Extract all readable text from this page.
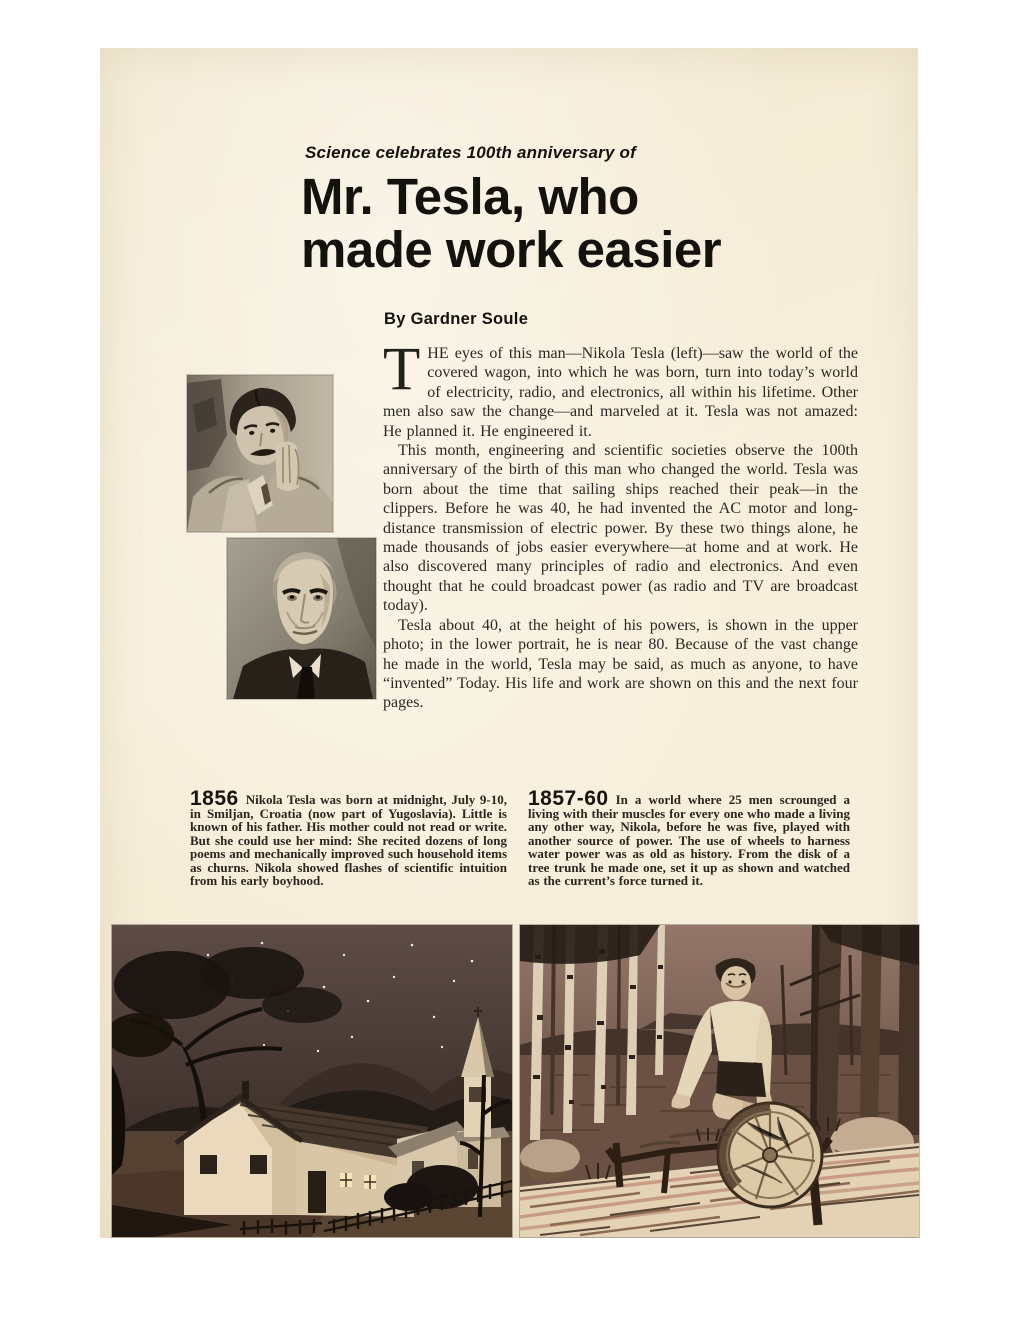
Science celebrates 100th anniversary of
Mr. Tesla, who
made work easier
By Gardner Soule

THE eyes of this man—Nikola Tesla (left)—saw the world of the covered wagon, into which he was born, turn into today’s world of electricity, radio, and electronics, all within his lifetime. Other men also saw the change—and marveled at it. Tesla was not amazed: He planned it. He engineered it.

This month, engineering and scientific societies observe the 100th anniversary of the birth of this man who changed the world. Tesla was born about the time that sailing ships reached their peak—in the clippers. Before he was 40, he had invented the AC motor and long-distance transmission of electric power. By these two things alone, he made thousands of jobs easier everywhere—at home and at work. He also discovered many principles of radio and electronics. And even thought that he could broadcast power (as radio and TV are broadcast today).

Tesla about 40, at the height of his powers, is shown in the upper photo; in the lower portrait, he is near 80. Because of the vast change he made in the world, Tesla may be said, as much as anyone, to have “invented” Today. His life and work are shown on this and the next four pages.

1856 Nikola Tesla was born at midnight, July 9-10, in Smiljan, Croatia (now part of Yugoslavia). Little is known of his father. His mother could not read or write. But she could use her mind: She recited dozens of long poems and mechanically improved such household items as churns. Nikola showed flashes of scientific intuition from his early boyhood.
1857-60 In a world where 25 men scrounged a living with their muscles for every one who made a living any other way, Nikola, before he was five, played with another source of power. The use of wheels to harness water power was as old as history. From the disk of a tree trunk he made one, set it up as shown and watched as the current’s force turned it.
